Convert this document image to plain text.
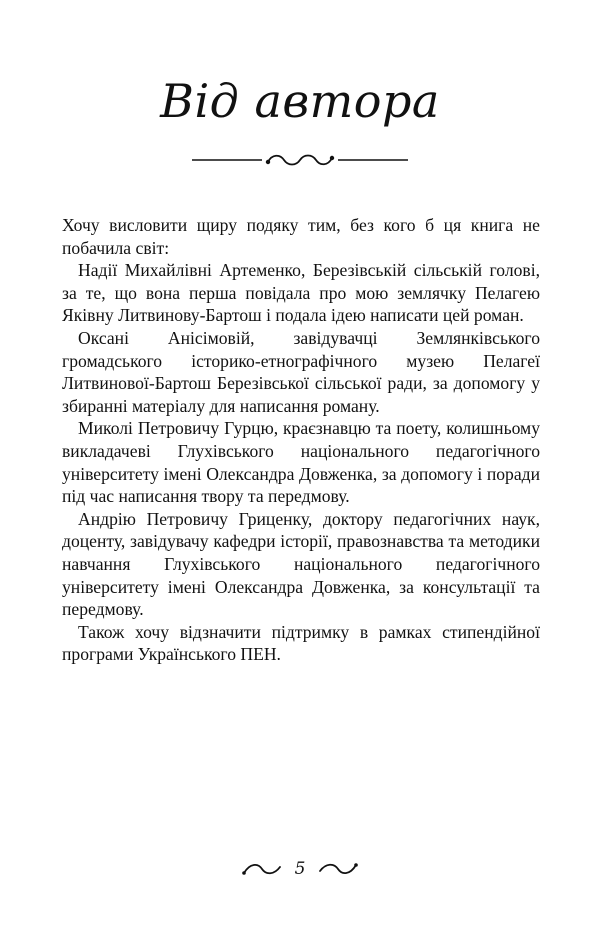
Від автора

Хочу висловити щиру подяку тим, без кого б ця книга не побачила світ:

Надії Михайлівні Артеменко, Березівській сільській голові, за те, що вона перша повідала про мою землячку Пелагею Яківну Литвинову-Бартош і подала ідею написати цей роман.

Оксані Анісімовій, завідувачці Землянківського громадського історико-етнографічного музею Пелагеї Литвинової-Бартош Березівської сільської ради, за допомогу у збиранні матеріалу для написання роману.

Миколі Петровичу Гурцю, краєзнавцю та поету, колишньому викладачеві Глухівського національного педагогічного університету імені Олександра Довженка, за допомогу і поради під час написання твору та передмову.

Андрію Петровичу Гриценку, доктору педагогічних наук, доценту, завідувачу кафедри історії, правознавства та методики навчання Глухівського національного педагогічного університету імені Олександра Довженка, за консультації та передмову.

Також хочу відзначити підтримку в рамках стипендійної програми Українського ПЕН.

5
